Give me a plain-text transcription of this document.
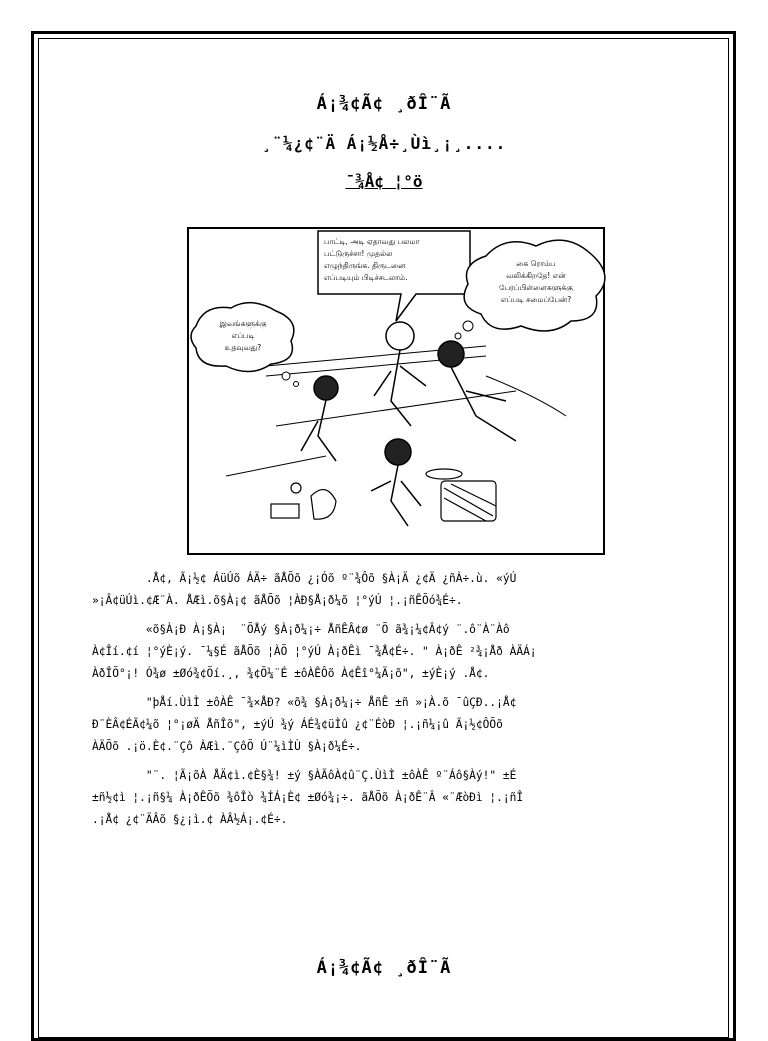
Á¡¾¢Ã¢ ¸ðÎ¨Ã
¸¨¼¿¢¨Ä Á¡½Å÷¸Ùì¸¡¸....
¯¾Å¢ ¦°ö
பாட்டி, அடி ஏதாவது பலமா
பட்டுருச்சா! முதல்ல
எழுந்திருங்க. திருடனை
எப்படியும் பிடிச்சடலாம்.
கை ரொம்ப
வலிக்கிறதே! என்
பேரப்பிள்ளைகளுக்கு
எப்படி சமைப்பேன்?
இவங்களுக்கு
எப்படி
உதவுவது?
.Å¢, Ã¡½¢ ÁüÚõ ÁÄ÷ ãÅÕõ ¿¡Óõ º¨¾Ôõ §À¡Ä ¿¢Ä ¿ñÀ÷.ù. «ýÚ
»¡Â¢üÚì.¢Æ¨À. ÅÆì.õ§À¡¢ ãÅÕõ ¦ÀÐ§Å¡ð¼õ ¦°ýÚ ¦.¡ñÊÕó¾É÷.
«õ§À¡Ð À¡§À¡  ¨ÕÅý §À¡ð¼¡÷ ÅñÊÂ¢ø ¨Õ ã¾¡¼¢Â¢ý ¨.ô¨À¨Àô
À¢Îí.¢í ¦°ýÈ¡ý. ¯¼§É ãÅÕõ ¦ÀÕ ¦°ýÚ À¡ðÊì ¯¾Å¢É÷. " À¡ðÊ ²¾¡Åð ÀÄÁ¡
ÀðÎÕ°¡! Ó¾ø ±Øó¾¢Õí.¸, ¾¢Õ¼¨É ±ôÀÊÔõ À¢Êî°¼Ä¡õ", ±ýÈ¡ý .Å¢.
"þÅí.ÙìÌ ±ôÀÊ ¯¾×ÅÐ? «õ¾ §À¡ð¼¡÷ ÅñÊ ±ñ »¡À.õ ¯ûÇÐ..¡Å¢
Ð¨ÈÂ¢ÉÃ¢¼õ ¦°¡øÄ ÅñÎõ", ±ýÚ ¾ý ÁÉ¾¢üÌû ¿¢¨ÉòÐ ¦.¡ñ¼¡û Ã¡½¢ÔÕõ
ÀÄÕõ .¡ö.È¢.¨Çô ÀÆì.¨ÇôÕ Ú¨¼ìÌÙ §À¡ð¼É÷.
"¨. ¦Ã¡õÀ ÅÄ¢ì.¢È§¾! ±ý §ÀÃôÀ¢û¨Ç.ÙìÌ ±ôÀÊ º¨Áô§Àý!" ±É
±ñ½¢ì ¦.¡ñ§¼ À¡ðÊÕõ ¾ôÎò ¾ÍÁ¡È¢ ±Øó¾¡÷. ãÅÕõ À¡ðÊ¨Â «¨ÆòÐì ¦.¡ñÎ
.¡Å¢ ¿¢¨ÄÂõ §¿¡ì.¢ ÀÂ½Á¡.¢É÷.
Á¡¾¢Ã¢ ¸ðÎ¨Ã
